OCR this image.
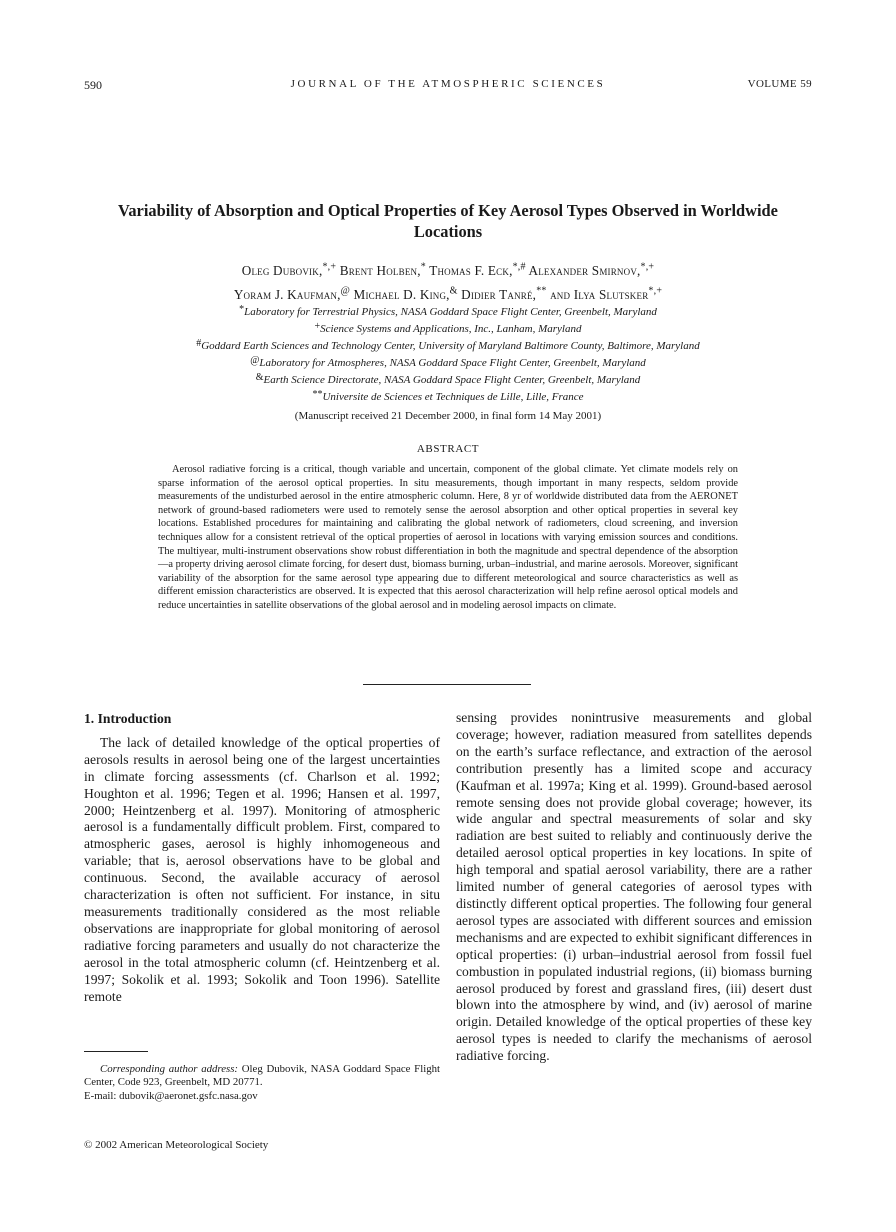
590	JOURNAL OF THE ATMOSPHERIC SCIENCES	VOLUME 59
Variability of Absorption and Optical Properties of Key Aerosol Types Observed in Worldwide Locations
Oleg Dubovik,*,+ Brent Holben,* Thomas F. Eck,*,# Alexander Smirnov,*,+
Yoram J. Kaufman,@ Michael D. King,& Didier Tanré,** and Ilya Slutsker*,+
*Laboratory for Terrestrial Physics, NASA Goddard Space Flight Center, Greenbelt, Maryland
+Science Systems and Applications, Inc., Lanham, Maryland
#Goddard Earth Sciences and Technology Center, University of Maryland Baltimore County, Baltimore, Maryland
@Laboratory for Atmospheres, NASA Goddard Space Flight Center, Greenbelt, Maryland
&Earth Science Directorate, NASA Goddard Space Flight Center, Greenbelt, Maryland
**Universite de Sciences et Techniques de Lille, Lille, France
(Manuscript received 21 December 2000, in final form 14 May 2001)
ABSTRACT

Aerosol radiative forcing is a critical, though variable and uncertain, component of the global climate. Yet climate models rely on sparse information of the aerosol optical properties. In situ measurements, though important in many respects, seldom provide measurements of the undisturbed aerosol in the entire atmospheric column. Here, 8 yr of worldwide distributed data from the AERONET network of ground-based radiometers were used to remotely sense the aerosol absorption and other optical properties in several key locations. Established procedures for maintaining and calibrating the global network of radiometers, cloud screening, and inversion techniques allow for a consistent retrieval of the optical properties of aerosol in locations with varying emission sources and conditions. The multiyear, multi-instrument observations show robust differentiation in both the magnitude and spectral dependence of the absorption—a property driving aerosol climate forcing, for desert dust, biomass burning, urban–industrial, and marine aerosols. Moreover, significant variability of the absorption for the same aerosol type appearing due to different meteorological and source characteristics as well as different emission characteristics are observed. It is expected that this aerosol characterization will help refine aerosol optical models and reduce uncertainties in satellite observations of the global aerosol and in modeling aerosol impacts on climate.

1. Introduction

The lack of detailed knowledge of the optical properties of aerosols results in aerosol being one of the largest uncertainties in climate forcing assessments (cf. Charlson et al. 1992; Houghton et al. 1996; Tegen et al. 1996; Hansen et al. 1997, 2000; Heintzenberg et al. 1997). Monitoring of atmospheric aerosol is a fundamentally difficult problem. First, compared to atmospheric gases, aerosol is highly inhomogeneous and variable; that is, aerosol observations have to be global and continuous. Second, the available accuracy of aerosol characterization is often not sufficient. For instance, in situ measurements traditionally considered as the most reliable observations are inappropriate for global monitoring of aerosol radiative forcing parameters and usually do not characterize the aerosol in the total atmospheric column (cf. Heintzenberg et al. 1997; Sokolik et al. 1993; Sokolik and Toon 1996). Satellite remote

sensing provides nonintrusive measurements and global coverage; however, radiation measured from satellites depends on the earth’s surface reflectance, and extraction of the aerosol contribution presently has a limited scope and accuracy (Kaufman et al. 1997a; King et al. 1999). Ground-based aerosol remote sensing does not provide global coverage; however, its wide angular and spectral measurements of solar and sky radiation are best suited to reliably and continuously derive the detailed aerosol optical properties in key locations. In spite of high temporal and spatial aerosol variability, there are a rather limited number of general categories of aerosol types with distinctly different optical properties. The following four general aerosol types are associated with different sources and emission mechanisms and are expected to exhibit significant differences in optical properties: (i) urban–industrial aerosol from fossil fuel combustion in populated industrial regions, (ii) biomass burning aerosol produced by forest and grassland fires, (iii) desert dust blown into the atmosphere by wind, and (iv) aerosol of marine origin. Detailed knowledge of the optical properties of these key aerosol types is needed to clarify the mechanisms of aerosol radiative forcing.

Corresponding author address: Oleg Dubovik, NASA Goddard Space Flight Center, Code 923, Greenbelt, MD 20771.

E-mail: dubovik@aeronet.gsfc.nasa.gov

© 2002 American Meteorological Society
